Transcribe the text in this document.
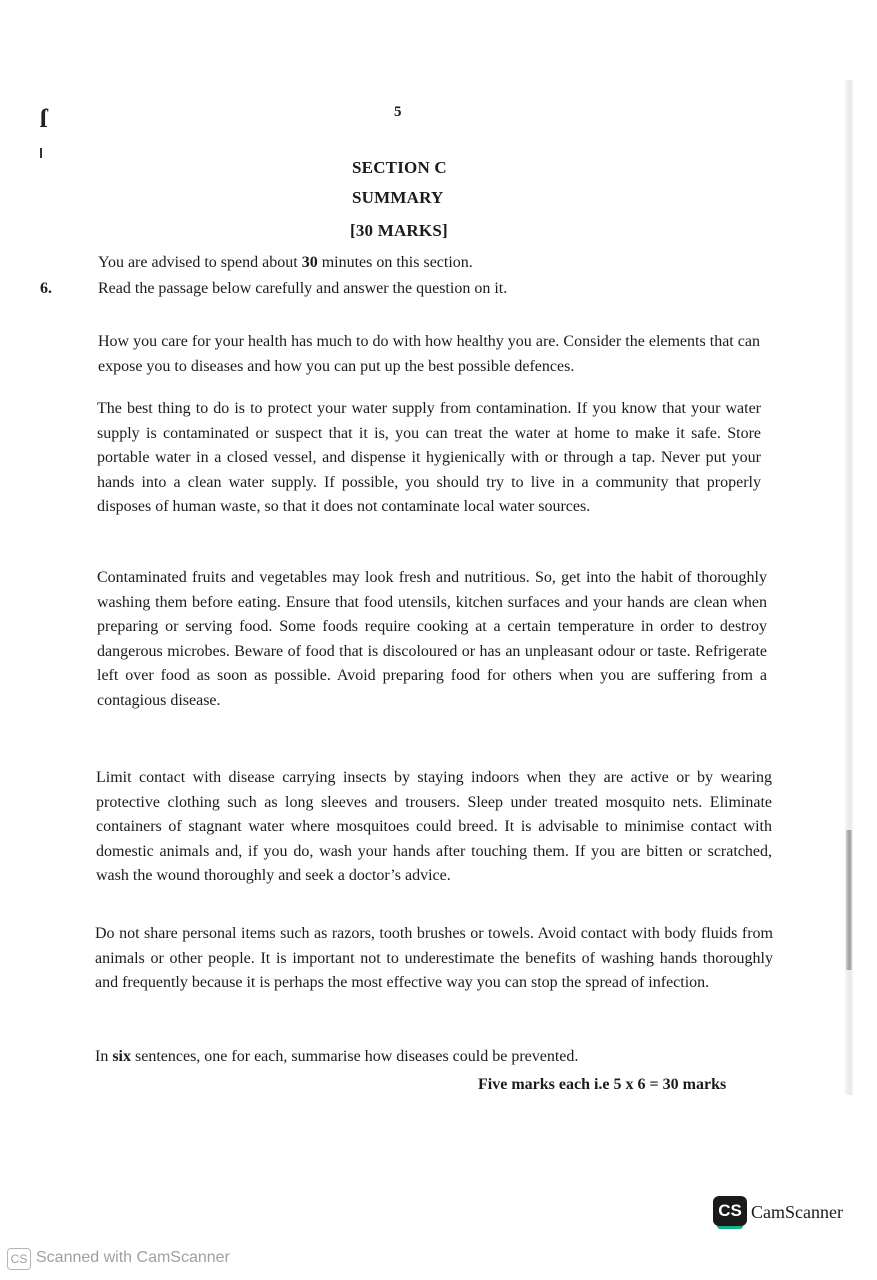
ſ	5
SECTION C
SUMMARY
[30 MARKS]
You are advised to spend about 30 minutes on this section.
6.	Read the passage below carefully and answer the question on it.

How you care for your health has much to do with how healthy you are. Consider the elements that can expose you to diseases and how you can put up the best possible defences.

The best thing to do is to protect your water supply from contamination. If you know that your water supply is contaminated or suspect that it is, you can treat the water at home to make it safe. Store portable water in a closed vessel, and dispense it hygienically with or through a tap. Never put your hands into a clean water supply. If possible, you should try to live in a community that properly disposes of human waste, so that it does not contaminate local water sources.

Contaminated fruits and vegetables may look fresh and nutritious. So, get into the habit of thoroughly washing them before eating. Ensure that food utensils, kitchen surfaces and your hands are clean when preparing or serving food. Some foods require cooking at a certain temperature in order to destroy dangerous microbes. Beware of food that is discoloured or has an unpleasant odour or taste. Refrigerate left over food as soon as possible. Avoid preparing food for others when you are suffering from a contagious disease.

Limit contact with disease carrying insects by staying indoors when they are active or by wearing protective clothing such as long sleeves and trousers. Sleep under treated mosquito nets. Eliminate containers of stagnant water where mosquitoes could breed. It is advisable to minimise contact with domestic animals and, if you do, wash your hands after touching them. If you are bitten or scratched, wash the wound thoroughly and seek a doctor’s advice.

Do not share personal items such as razors, tooth brushes or towels. Avoid contact with body fluids from animals or other people. It is important not to underestimate the benefits of washing hands thoroughly and frequently because it is perhaps the most effective way you can stop the spread of infection.

In six sentences, one for each, summarise how diseases could be prevented.
Five marks each i.e 5 x 6 = 30 marks
CS CamScanner
CS Scanned with CamScanner
